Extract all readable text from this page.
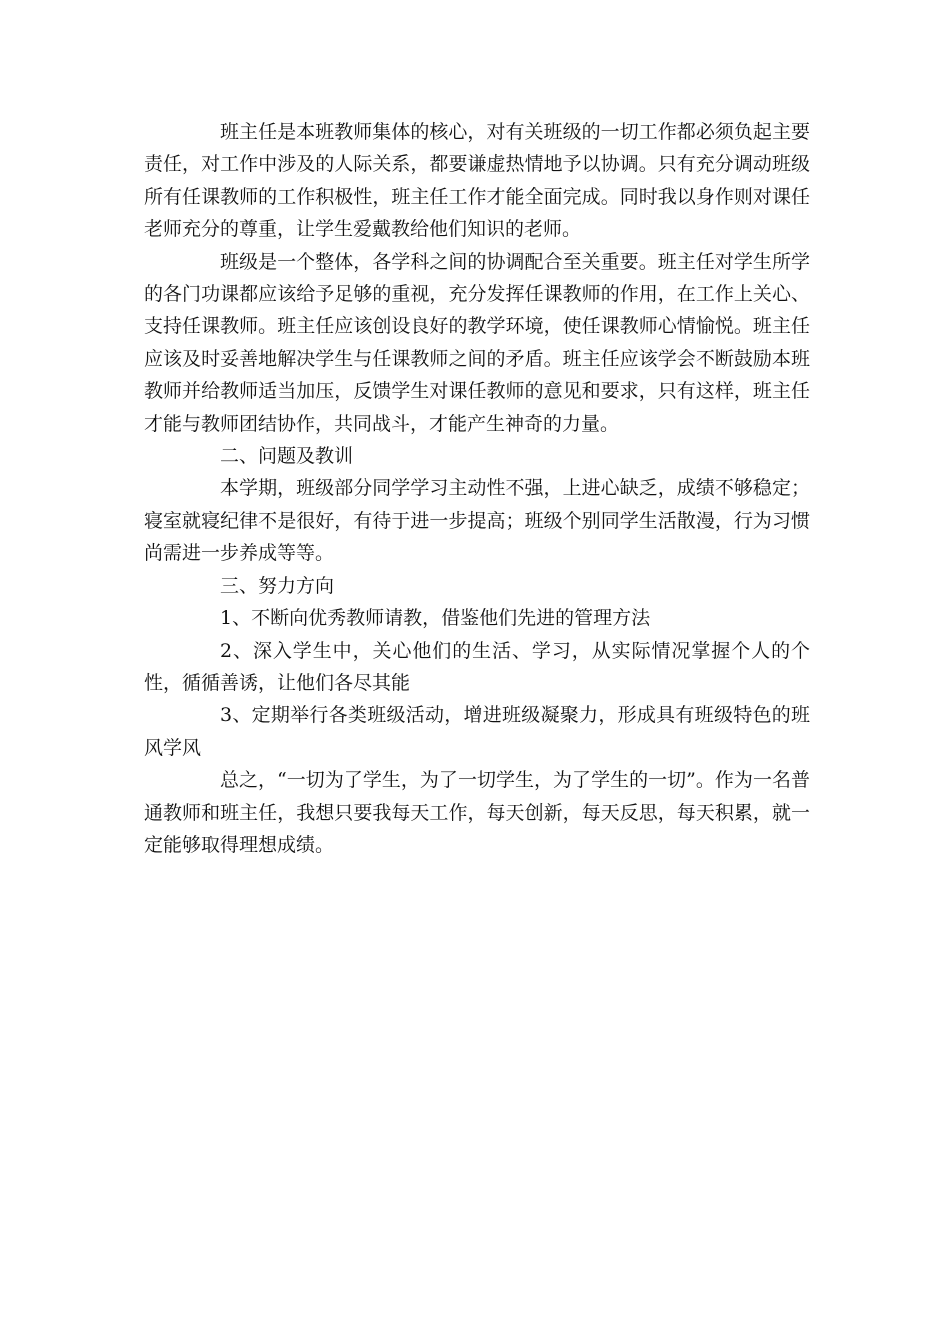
班主任是本班教师集体的核心，对有关班级的一切工作都必须负起主要责任，对工作中涉及的人际关系，都要谦虚热情地予以协调。只有充分调动班级所有任课教师的工作积极性，班主任工作才能全面完成。同时我以身作则对课任老师充分的尊重，让学生爱戴教给他们知识的老师。

班级是一个整体，各学科之间的协调配合至关重要。班主任对学生所学的各门功课都应该给予足够的重视，充分发挥任课教师的作用，在工作上关心、支持任课教师。班主任应该创设良好的教学环境，使任课教师心情愉悦。班主任应该及时妥善地解决学生与任课教师之间的矛盾。班主任应该学会不断鼓励本班教师并给教师适当加压，反馈学生对课任教师的意见和要求，只有这样，班主任才能与教师团结协作，共同战斗，才能产生神奇的力量。

二、问题及教训

本学期，班级部分同学学习主动性不强，上进心缺乏，成绩不够稳定；寝室就寝纪律不是很好，有待于进一步提高；班级个别同学生活散漫，行为习惯尚需进一步养成等等。

三、努力方向

1、不断向优秀教师请教，借鉴他们先进的管理方法

2、深入学生中，关心他们的生活、学习，从实际情况掌握个人的个性，循循善诱，让他们各尽其能

3、定期举行各类班级活动，增进班级凝聚力，形成具有班级特色的班风学风

总之，“一切为了学生，为了一切学生，为了学生的一切”。作为一名普通教师和班主任，我想只要我每天工作，每天创新，每天反思，每天积累，就一定能够取得理想成绩。
